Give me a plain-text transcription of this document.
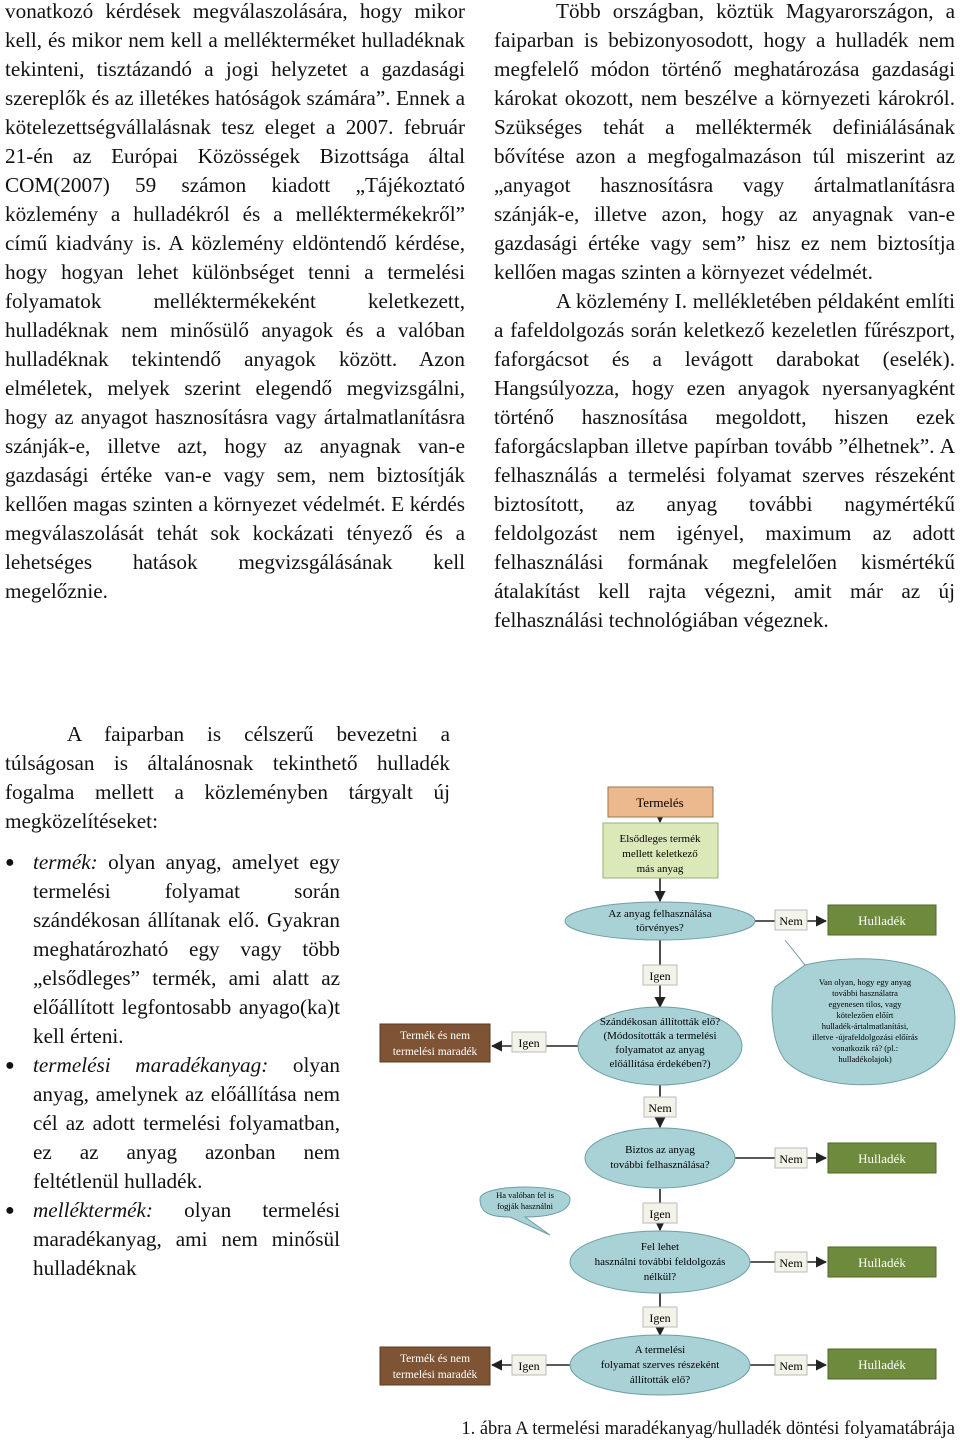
vonatkozó kérdések megválaszolására, hogy mikor kell, és mikor nem kell a mellékterméket hulladéknak tekinteni, tisztázandó a jogi helyzetet a gazdasági szereplők és az illetékes hatóságok számára”. Ennek a kötelezettségvállalásnak tesz eleget a 2007. február 21-én az Európai Közösségek Bizottsága által COM(2007) 59 számon kiadott „Tájékoztató közlemény a hulladékról és a melléktermékekről” című kiadvány is. A közlemény eldöntendő kérdése, hogy hogyan lehet különbséget tenni a termelési folyamatok melléktermékeként keletkezett, hulladéknak nem minősülő anyagok és a valóban hulladéknak tekintendő anyagok között. Azon elméletek, melyek szerint elegendő megvizsgálni, hogy az anyagot hasznosításra vagy ártalmatlanításra szánják-e, illetve azt, hogy az anyagnak van-e gazdasági értéke van-e vagy sem, nem biztosítják kellően magas szinten a környezet védelmét. E kérdés megválaszolását tehát sok kockázati tényező és a lehetséges hatások megvizsgálásának kell megelőznie.

A faiparban is célszerű bevezetni a túlságosan is általánosnak tekinthető hulladék fogalma mellett a közleményben tárgyalt új megközelítéseket:

● termék: olyan anyag, amelyet egy termelési folyamat során szándékosan állítanak elő. Gyakran meghatározható egy vagy több „elsődleges” termék, ami alatt az előállított legfontosabb anyago(ka)t kell érteni.
● termelési maradékanyag: olyan anyag, amelynek az előállítása nem cél az adott termelési folyamatban, ez az anyag azonban nem feltétlenül hulladék.
● melléktermék: olyan termelési maradékanyag, ami nem minősül hulladéknak

Több országban, köztük Magyarországon, a faiparban is bebizonyosodott, hogy a hulladék nem megfelelő módon történő meghatározása gazdasági károkat okozott, nem beszélve a környezeti károkról. Szükséges tehát a melléktermék definiálásának bővítése azon a megfogalmazáson túl miszerint az „anyagot hasznosításra vagy ártalmatlanításra szánják-e, illetve azon, hogy az anyagnak van-e gazdasági értéke vagy sem” hisz ez nem biztosítja kellően magas szinten a környezet védelmét.

A közlemény I. mellékletében példaként említi a fafeldolgozás során keletkező kezeletlen fűrészport, faforgácsot és a levágott darabokat (eselék). Hangsúlyozza, hogy ezen anyagok nyersanyagként történő hasznosítása megoldott, hiszen ezek faforgácslapban illetve papírban tovább ”élhetnek”. A felhasználás a termelési folyamat szerves részeként biztosított, az anyag további nagymértékű feldolgozást nem igényel, maximum az adott felhasználási formának megfelelően kismértékű átalakítást kell rajta végezni, amit már az új felhasználási technológiában végeznek.

Termelés
Elsődleges termék
mellett keletkező
más anyag
Az anyag felhasználása
törvényes?	Nem	Hulladék
Van olyan, hogy egy anyag
további használatra
egyenesen tilos, vagy
kötelezően előírt
hulladék-ártalmatlanítási,
illetve -újrafeldolgozási előírás
vonatkozik rá? (pl.:
hulladékolajok)
Igen
Szándékosan állították elő?
(Módosították a termelési
folyamatot az anyag
előállítása érdekében?)
Igen
Termék és nem
termelési maradék
Nem
Biztos az anyag
további felhasználása?	Nem	Hulladék
Ha valóban fel is
fogják használni
Igen
Fel lehet
használni további feldolgozás
nélkül?
Nem	Hulladék
Igen
A termelési
folyamat szerves részeként
állították elő?
Nem	Hulladék
Igen
Termék és nem
termelési maradék
1. ábra A termelési maradékanyag/hulladék döntési folyamatábrája
